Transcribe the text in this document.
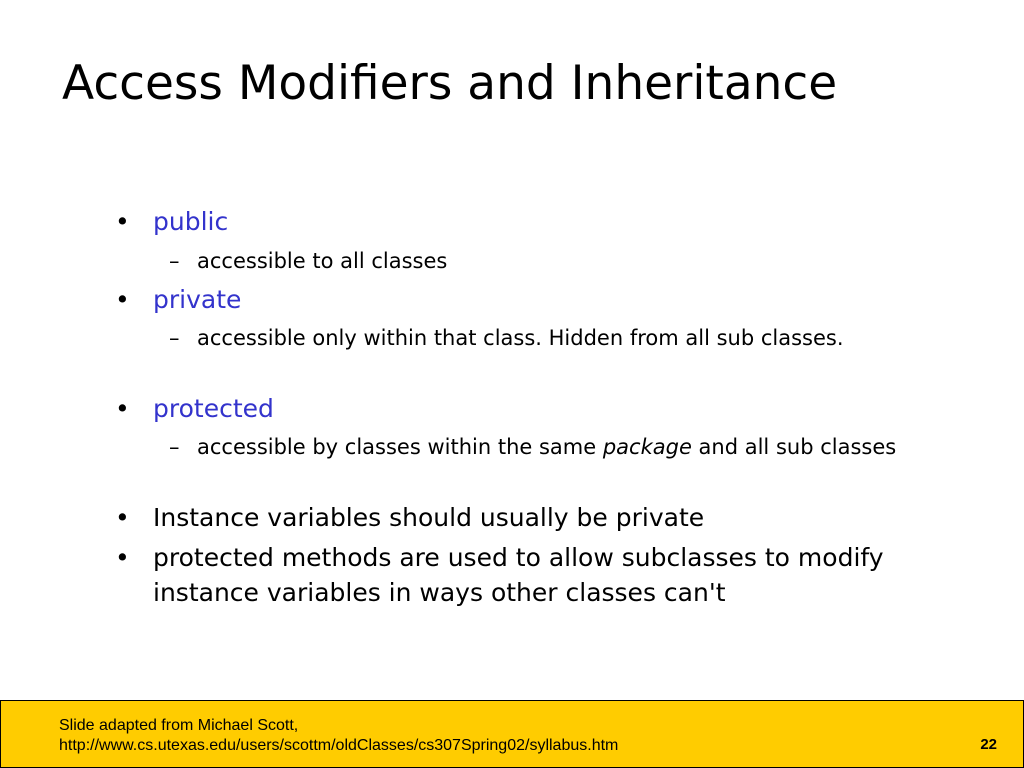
Access Modifiers and Inheritance
• public
– accessible to all classes
• private
– accessible only within that class. Hidden from all sub classes.
• protected
– accessible by classes within the same package and all sub classes
• Instance variables should usually be private
• protected methods are used to allow subclasses to modify instance variables in ways other classes can't
Slide adapted from Michael Scott,
http://www.cs.utexas.edu/users/scottm/oldClasses/cs307Spring02/syllabus.htm	22
